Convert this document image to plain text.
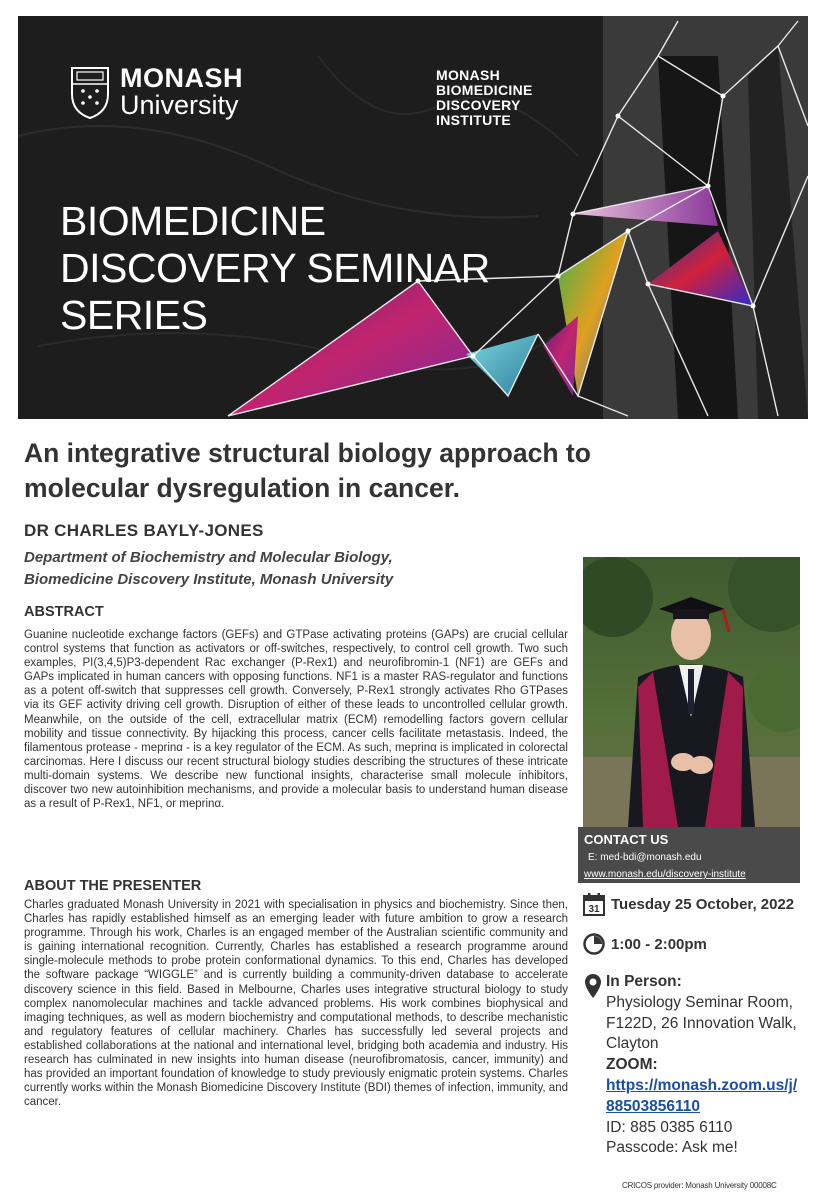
MONASH
University
MONASH
BIOMEDICINE
DISCOVERY
INSTITUTE
BIOMEDICINE
DISCOVERY SEMINAR
SERIES
An integrative structural biology approach to
molecular dysregulation in cancer.
DR CHARLES BAYLY-JONES
Department of Biochemistry and Molecular Biology,
Biomedicine Discovery Institute, Monash University
ABSTRACT
Guanine nucleotide exchange factors (GEFs) and GTPase activating proteins (GAPs) are crucial cellular control systems that function as activators or off-switches, respectively, to control cell growth. Two such examples, PI(3,4,5)P3-dependent Rac exchanger (P-Rex1) and neurofibromin-1 (NF1) are GEFs and GAPs implicated in human cancers with opposing functions. NF1 is a master RAS-regulator and functions as a potent off-switch that suppresses cell growth. Conversely, P-Rex1 strongly activates Rho GTPases via its GEF activity driving cell growth. Disruption of either of these leads to uncontrolled cellular growth. Meanwhile, on the outside of the cell, extracellular matrix (ECM) remodelling factors govern cellular mobility and tissue connectivity. By hijacking this process, cancer cells facilitate metastasis. Indeed, the filamentous protease - meprinα - is a key regulator of the ECM. As such, meprinα is implicated in colorectal carcinomas. Here I discuss our recent structural biology studies describing the structures of these intricate multi-domain systems. We describe new functional insights, characterise small molecule inhibitors, discover two new autoinhibition mechanisms, and provide a molecular basis to understand human disease as a result of P-Rex1, NF1, or meprinα.
ABOUT THE PRESENTER
Charles graduated Monash University in 2021 with specialisation in physics and biochemistry. Since then, Charles has rapidly established himself as an emerging leader with future ambition to grow a research programme. Through his work, Charles is an engaged member of the Australian scientific community and is gaining international recognition. Currently, Charles has established a research programme around single-molecule methods to probe protein conformational dynamics. To this end, Charles has developed the software package “WIGGLE” and is currently building a community-driven database to accelerate discovery science in this field. Based in Melbourne, Charles uses integrative structural biology to study complex nanomolecular machines and tackle advanced problems. His work combines biophysical and imaging techniques, as well as modern biochemistry and computational methods, to describe mechanistic and regulatory features of cellular machinery. Charles has successfully led several projects and established collaborations at the national and international level, bridging both academia and industry. His research has culminated in new insights into human disease (neurofibromatosis, cancer, immunity) and has provided an important foundation of knowledge to study previously enigmatic protein systems. Charles currently works within the Monash Biomedicine Discovery Institute (BDI) themes of infection, immunity, and cancer.
CONTACT US
E: med-bdi@monash.edu
www.monash.edu/discovery-institute
31 Tuesday 25 October, 2022
1:00 - 2:00pm
In Person:
Physiology Seminar Room,
F122D, 26 Innovation Walk,
Clayton
ZOOM:
https://monash.zoom.us/j/
88503856110
ID: 885 0385 6110
Passcode: Ask me!
CRICOS provider: Monash University 00008C
